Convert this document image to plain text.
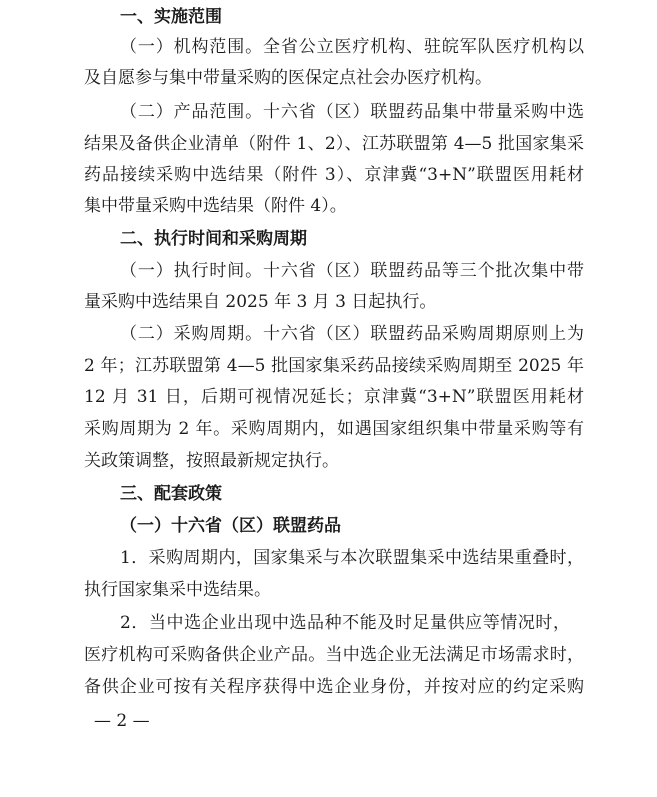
一、实施范围
（一）机构范围。全省公立医疗机构、驻皖军队医疗机构以
及自愿参与集中带量采购的医保定点社会办医疗机构。
（二）产品范围。十六省（区）联盟药品集中带量采购中选
结果及备供企业清单（附件 1、2）、江苏联盟第 4—5 批国家集采
药品接续采购中选结果（附件 3）、京津冀“3+N”联盟医用耗材
集中带量采购中选结果（附件 4）。
二、执行时间和采购周期
（一）执行时间。十六省（区）联盟药品等三个批次集中带
量采购中选结果自 2025 年 3 月 3 日起执行。
（二）采购周期。十六省（区）联盟药品采购周期原则上为
2 年；江苏联盟第 4—5 批国家集采药品接续采购周期至 2025 年
12 月 31 日，后期可视情况延长；京津冀“3+N”联盟医用耗材
采购周期为 2 年。采购周期内，如遇国家组织集中带量采购等有
关政策调整，按照最新规定执行。
三、配套政策
（一）十六省（区）联盟药品
1．采购周期内，国家集采与本次联盟集采中选结果重叠时，
执行国家集采中选结果。
2．当中选企业出现中选品种不能及时足量供应等情况时，
医疗机构可采购备供企业产品。当中选企业无法满足市场需求时，
备供企业可按有关程序获得中选企业身份，并按对应的约定采购
— 2 —
